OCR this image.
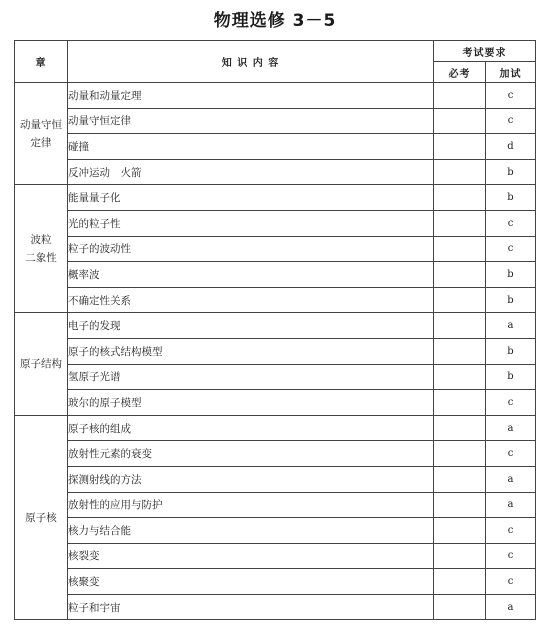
物理选修 3－5
章	知 识 内 容	考试要求	
		必考	加试

动量守恒
定律	动量和动量定理		c
	动量守恒定律		c
	碰撞		d
	反冲运动　火箭		b

波粒
二象性	能量量子化		b
	光的粒子性		c
	粒子的波动性		c
	概率波		b
	不确定性关系		b

原子结构	电子的发现		a
	原子的核式结构模型		b
	氢原子光谱		b
	玻尔的原子模型		c

原子核	原子核的组成		a
	放射性元素的衰变		c
	探测射线的方法		a
	放射性的应用与防护		a
	核力与结合能		c
	核裂变		c
	核聚变		c
	粒子和宇宙		a
